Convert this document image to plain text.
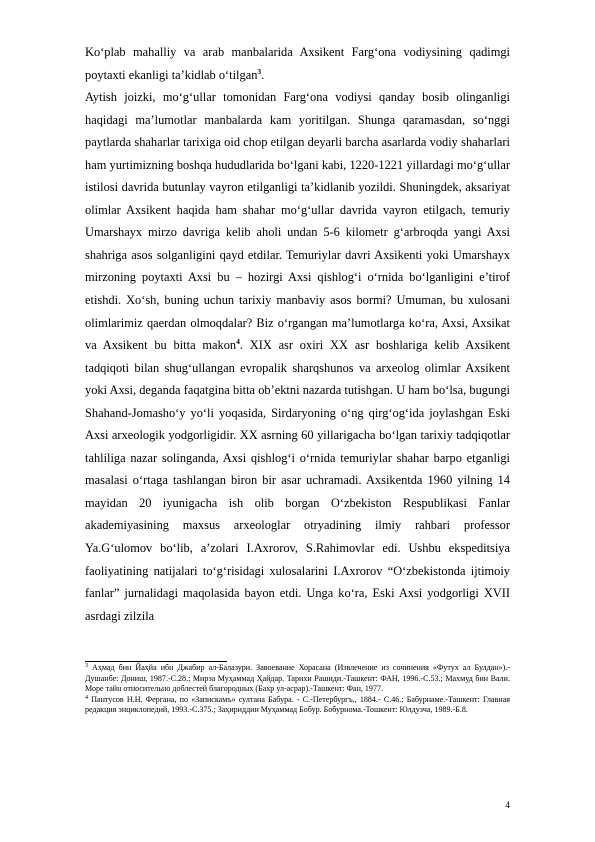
Ko‘plab mahalliy va arab manbalarida Axsikent Farg‘ona vodiysining qadimgi poytaxti ekanligi ta’kidlab o‘tilgan$^3$.

Aytish joizki, mo‘g‘ullar tomonidan Farg‘ona vodiysi qanday bosib olinganligi haqidagi ma’lumotlar manbalarda kam yoritilgan. Shunga qaramasdan, so‘nggi paytlarda shaharlar tarixiga oid chop etilgan deyarli barcha asarlarda vodiy shaharlari ham yurtimizning boshqa hududlarida bo‘lgani kabi, 1220-1221 yillardagi mo‘g‘ullar istilosi davrida butunlay vayron etilganligi ta’kidlanib yozildi. Shuningdek, aksariyat olimlar Axsikent haqida ham shahar mo‘g‘ullar davrida vayron etilgach, temuriy Umarshayx mirzo davriga kelib aholi undan 5-6 kilometr g‘arbroqda yangi Axsi shahriga asos solganligini qayd etdilar. Temuriylar davri Axsikenti yoki Umarshayx mirzoning poytaxti Axsi bu – hozirgi Axsi qishlog‘i o‘rnida bo‘lganligini e’tirof etishdi. Xo‘sh, buning uchun tarixiy manbaviy asos bormi? Umuman, bu xulosani olimlarimiz qaerdan olmoqdalar? Biz o‘rgangan ma’lumotlarga ko‘ra, Axsi, Axsikat va Axsikent bu bitta makon$^4$. XIX asr oxiri XX asr boshlariga kelib Axsikent tadqiqoti bilan shug‘ullangan evropalik sharqshunos va arxeolog olimlar Axsikent yoki Axsi, deganda faqatgina bitta ob’ektni nazarda tutishgan. U ham bo‘lsa, bugungi Shahand-Jomasho‘y yo‘li yoqasida, Sirdaryoning o‘ng qirg‘og‘ida joylashgan Eski Axsi arxeologik yodgorligidir. XX asrning 60 yillarigacha bo‘lgan tarixiy tadqiqotlar tahliliga nazar solinganda, Axsi qishlog‘i o‘rnida temuriylar shahar barpo etganligi masalasi o‘rtaga tashlangan biron bir asar uchramadi. Axsikentda 1960 yilning 14 mayidan 20 iyunigacha ish olib borgan O‘zbekiston Respublikasi Fanlar akademiyasining maxsus arxeologlar otryadining ilmiy rahbari professor Ya.G‘ulomov bo‘lib, a’zolari I.Axrorov, S.Rahimovlar edi. Ushbu ekspeditsiya faoliyatining natijalari to‘g‘risidagi xulosalarini I.Axrorov “O‘zbekistonda ijtimoiy fanlar” jurnalidagi maqolasida bayon etdi. Unga ko‘ra, Eski Axsi yodgorligi XVII asrdagi zilzila

$^3$ Аҳмад бин Йаҳйа ибн Джабир ал-Балазури. Завоевание Хорасана (Извлечение из сочинения «Футух ал Булдан»).-Душанбе: Дониш, 1987.-С.28.; Мирза Муҳаммад Ҳайдар. Тарихи Рашиди.-Ташкент: ФАН, 1996.-С.53.; Махмуд бин Вали. Море тайн относительно доблестей благородных (Бахр ул-асрар).-Ташкент: Фан, 1977.

$^4$ Пантусов Н.Н. Фергана, по «Запискамъ» султана Бабура. - С.-Петербургъ., 1884.- С.46.; Бабурнаме.-Ташкент: Главная редакция энциклопедий, 1993.-С.375.; Заҳириддин Муҳаммад Бобур. Бобурнома.-Тошкент: Юлдузча, 1989.-Б.8.

4
